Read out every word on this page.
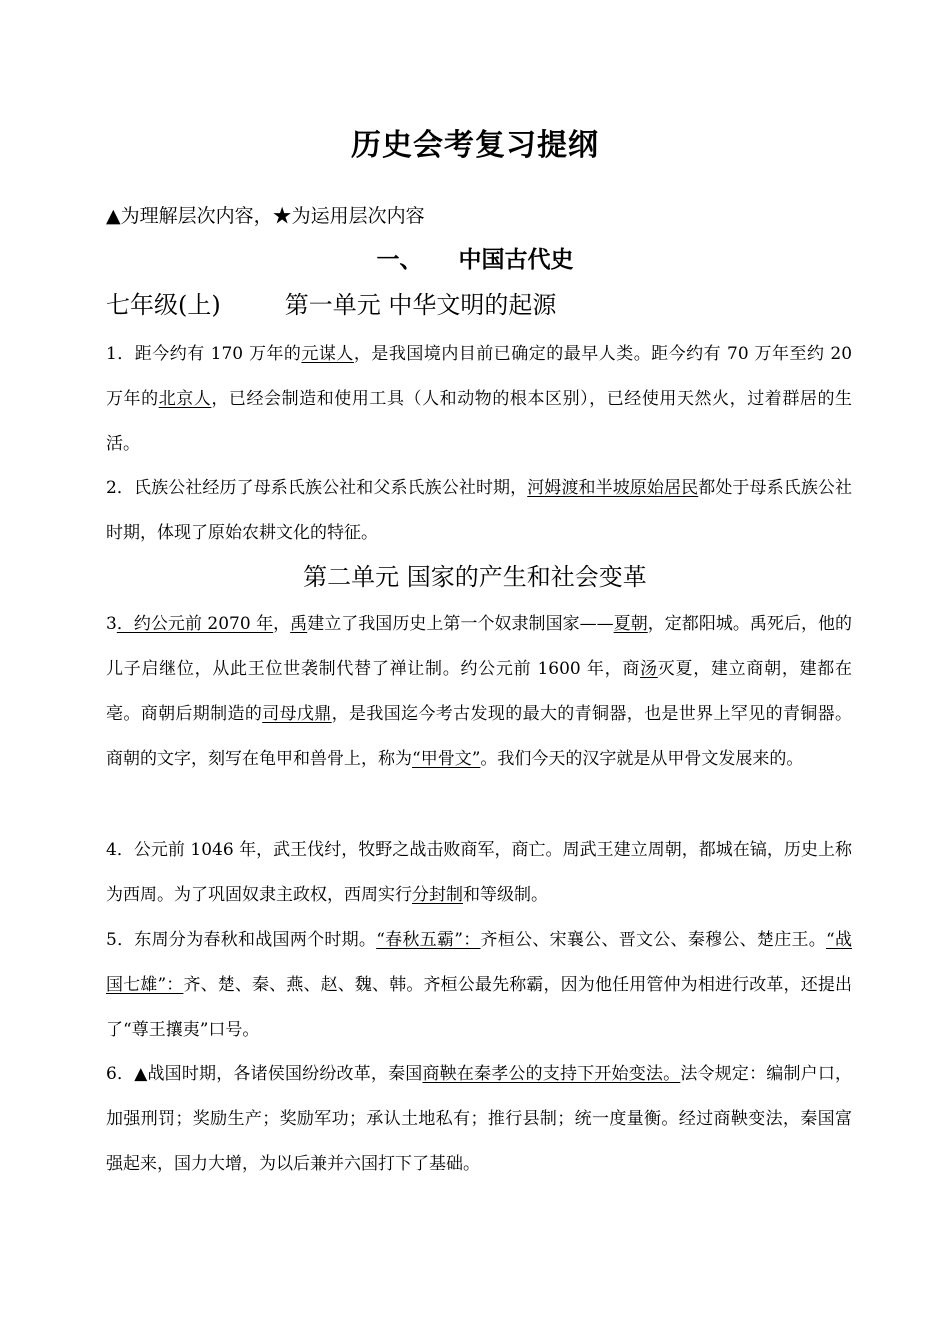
历史会考复习提纲
▲为理解层次内容，★为运用层次内容
一、 中国古代史
七年级(上)	第一单元 中华文明的起源
1．距今约有 170 万年的元谋人，是我国境内目前已确定的最早人类。距今约有 70 万年至约 20 万年的北京人，已经会制造和使用工具（人和动物的根本区别），已经使用天然火，过着群居的生活。
2．氏族公社经历了母系氏族公社和父系氏族公社时期，河姆渡和半坡原始居民都处于母系氏族公社时期，体现了原始农耕文化的特征。
第二单元 国家的产生和社会变革
3．约公元前 2070 年，禹建立了我国历史上第一个奴隶制国家——夏朝，定都阳城。禹死后，他的儿子启继位，从此王位世袭制代替了禅让制。约公元前 1600 年，商汤灭夏，建立商朝，建都在亳。商朝后期制造的司母戊鼎，是我国迄今考古发现的最大的青铜器，也是世界上罕见的青铜器。商朝的文字，刻写在龟甲和兽骨上，称为“甲骨文”。我们今天的汉字就是从甲骨文发展来的。
4．公元前 1046 年，武王伐纣，牧野之战击败商军，商亡。周武王建立周朝，都城在镐，历史上称为西周。为了巩固奴隶主政权，西周实行分封制和等级制。
5．东周分为春秋和战国两个时期。“春秋五霸”：齐桓公、宋襄公、晋文公、秦穆公、楚庄王。“战国七雄”：齐、楚、秦、燕、赵、魏、韩。齐桓公最先称霸，因为他任用管仲为相进行改革，还提出了“尊王攘夷”口号。
6．▲战国时期，各诸侯国纷纷改革，秦国商鞅在秦孝公的支持下开始变法。法令规定：编制户口，加强刑罚；奖励生产；奖励军功；承认土地私有；推行县制；统一度量衡。经过商鞅变法，秦国富强起来，国力大增，为以后兼并六国打下了基础。
